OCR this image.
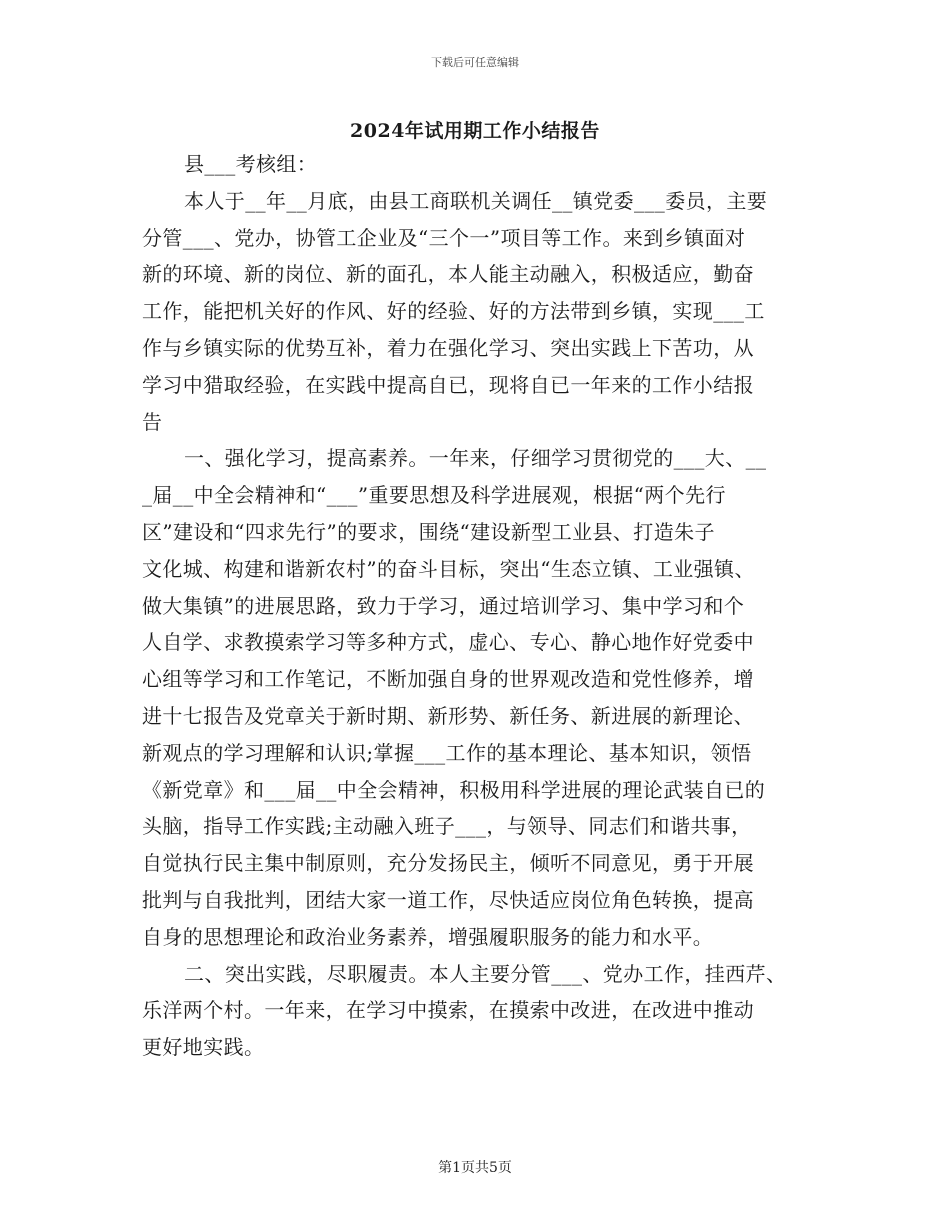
下载后可任意编辑
2024年试用期工作小结报告
县___考核组：
本人于__年__月底，由县工商联机关调任__镇党委___委员，主要
分管___、党办，协管工企业及“三个一”项目等工作。来到乡镇面对
新的环境、新的岗位、新的面孔，本人能主动融入，积极适应，勤奋
工作，能把机关好的作风、好的经验、好的方法带到乡镇，实现___工
作与乡镇实际的优势互补，着力在强化学习、突出实践上下苦功，从
学习中猎取经验，在实践中提高自已，现将自已一年来的工作小结报
告
一、强化学习，提高素养。一年来，仔细学习贯彻党的___大、__
_届__中全会精神和“___”重要思想及科学进展观，根据“两个先行
区”建设和“四求先行”的要求，围绕“建设新型工业县、打造朱子
文化城、构建和谐新农村”的奋斗目标，突出“生态立镇、工业强镇、
做大集镇”的进展思路，致力于学习，通过培训学习、集中学习和个
人自学、求教摸索学习等多种方式，虚心、专心、静心地作好党委中
心组等学习和工作笔记，不断加强自身的世界观改造和党性修养，增
进十七报告及党章关于新时期、新形势、新任务、新进展的新理论、
新观点的学习理解和认识;掌握___工作的基本理论、基本知识，领悟
《新党章》和___届__中全会精神，积极用科学进展的理论武装自已的
头脑，指导工作实践;主动融入班子___，与领导、同志们和谐共事，
自觉执行民主集中制原则，充分发扬民主，倾听不同意见，勇于开展
批判与自我批判，团结大家一道工作，尽快适应岗位角色转换，提高
自身的思想理论和政治业务素养，增强履职服务的能力和水平。
二、突出实践，尽职履责。本人主要分管___、党办工作，挂西芹、
乐洋两个村。一年来，在学习中摸索，在摸索中改进，在改进中推动
更好地实践。
第1页共5页
